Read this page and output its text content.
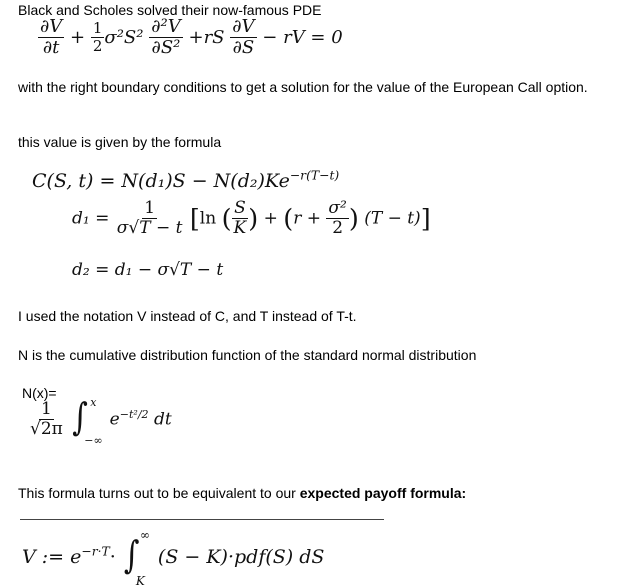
Black and Scholes solved their now-famous PDE
$\frac{\partial V}{\partial t} + \frac{1}{2} \sigma^2S^2 \frac{\text{∂²V}}{\text{∂S²}} +rS \frac{\partial V}{\partial S}$ − rV = 0
with the right boundary conditions to get a solution for the value of the European Call option.
this value is given by the formula
C(S, $t) = N(d_1)S - N(d_2)Ke^{-r(T-t)}$
$d_1 = \frac{1}{\sigma√T - t} [\ln$ ( $\frac{S}{K}$ ) + ($r + \frac{\text{σ²}}{2}$ ) (T − t)]
d₂ = d₁ − σ√T − t
I used the notation V instead of C, and T instead of T-t.
N is the cumulative distribution function of the standard normal distribution
N(x)=
$\frac{1}{√2\pi}$
∫ x
−∞
$e^{-t^2/2}$ dt
This formula turns out to be equivalent to our expected payoff formula:
V := $e^{-r\cdot T}\cdot$ ∫ ∞
K
(S − K)·pdf(S) dS
